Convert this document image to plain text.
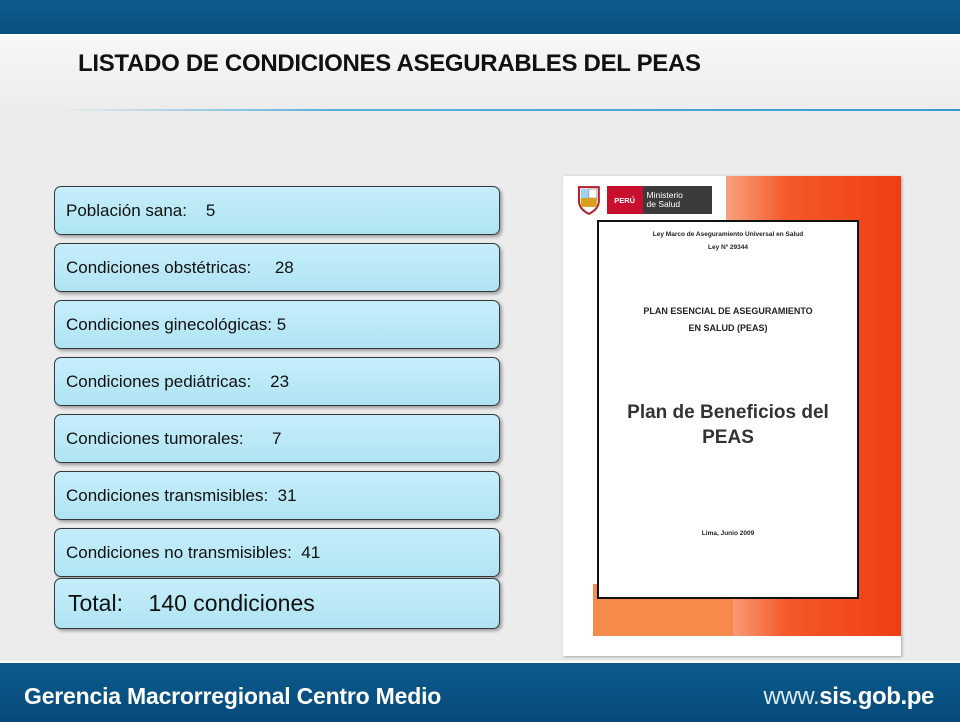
LISTADO DE CONDICIONES ASEGURABLES DEL PEAS
Población sana:    5
Condiciones obstétricas:     28
Condiciones ginecológicas: 5
Condiciones pediátricas:    23
Condiciones tumorales:      7
Condiciones transmisibles:  31
Condiciones no transmisibles:  41
Total:    140 condiciones
PERÚ	Ministerio
de Salud
Ley Marco de Aseguramiento Universal en Salud
Ley Nº 29344
PLAN ESENCIAL DE ASEGURAMIENTO
EN SALUD (PEAS)
Plan de Beneficios del
PEAS
Lima, Junio 2009
Gerencia Macrorregional Centro Medio	www.sis.gob.pe
